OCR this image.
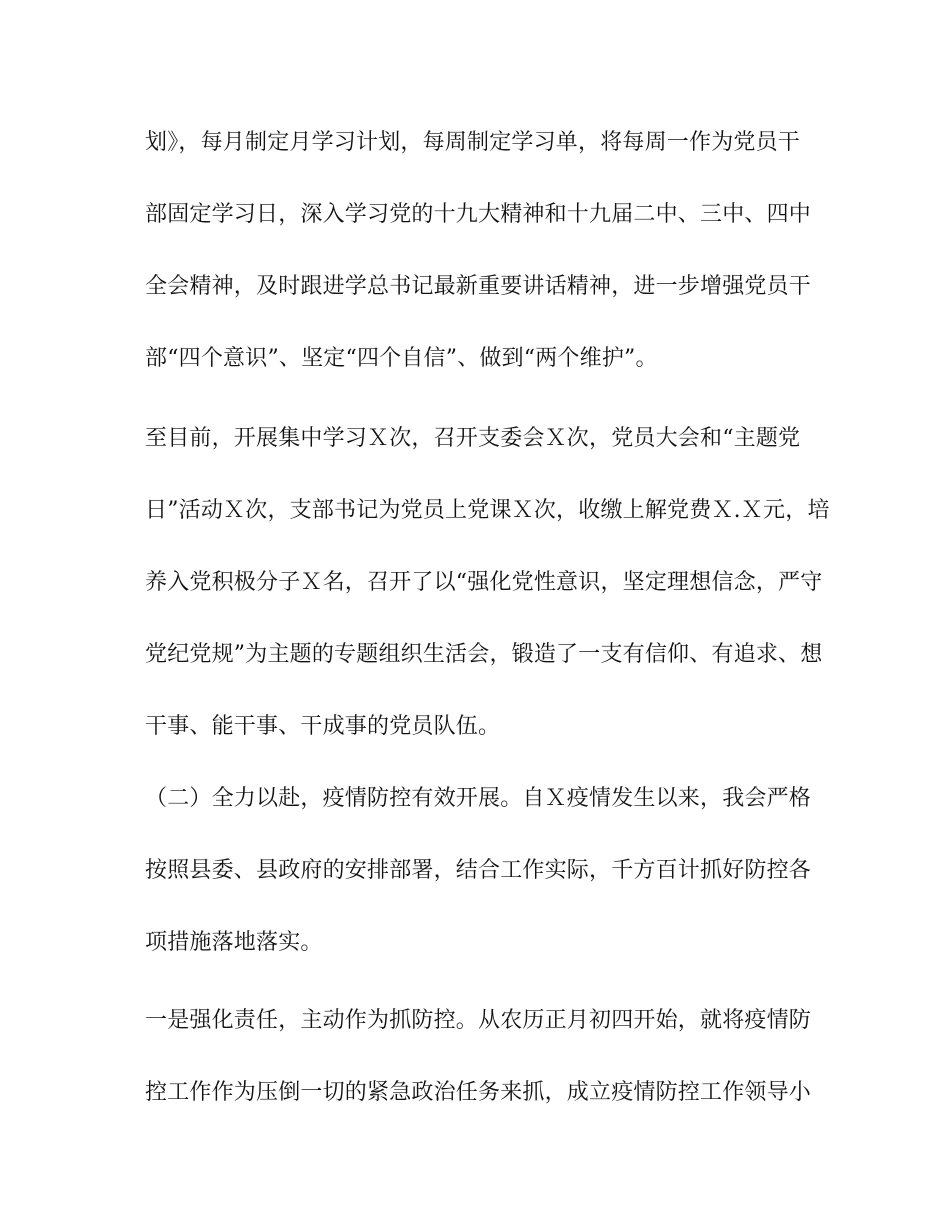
划》，每月制定月学习计划，每周制定学习单，将每周一作为党员干
部固定学习日，深入学习党的十九大精神和十九届二中、三中、四中
全会精神，及时跟进学总书记最新重要讲话精神，进一步增强党员干
部“四个意识”、坚定“四个自信”、做到“两个维护”。
至目前，开展集中学习Ｘ次，召开支委会Ｘ次，党员大会和“主题党
日”活动Ｘ次，支部书记为党员上党课Ｘ次，收缴上解党费Ｘ.Ｘ元，培
养入党积极分子Ｘ名，召开了以“强化党性意识，坚定理想信念，严守
党纪党规”为主题的专题组织生活会，锻造了一支有信仰、有追求、想
干事、能干事、干成事的党员队伍。
（二）全力以赴，疫情防控有效开展。自Ｘ疫情发生以来，我会严格
按照县委、县政府的安排部署，结合工作实际，千方百计抓好防控各
项措施落地落实。
一是强化责任，主动作为抓防控。从农历正月初四开始，就将疫情防
控工作作为压倒一切的紧急政治任务来抓，成立疫情防控工作领导小
